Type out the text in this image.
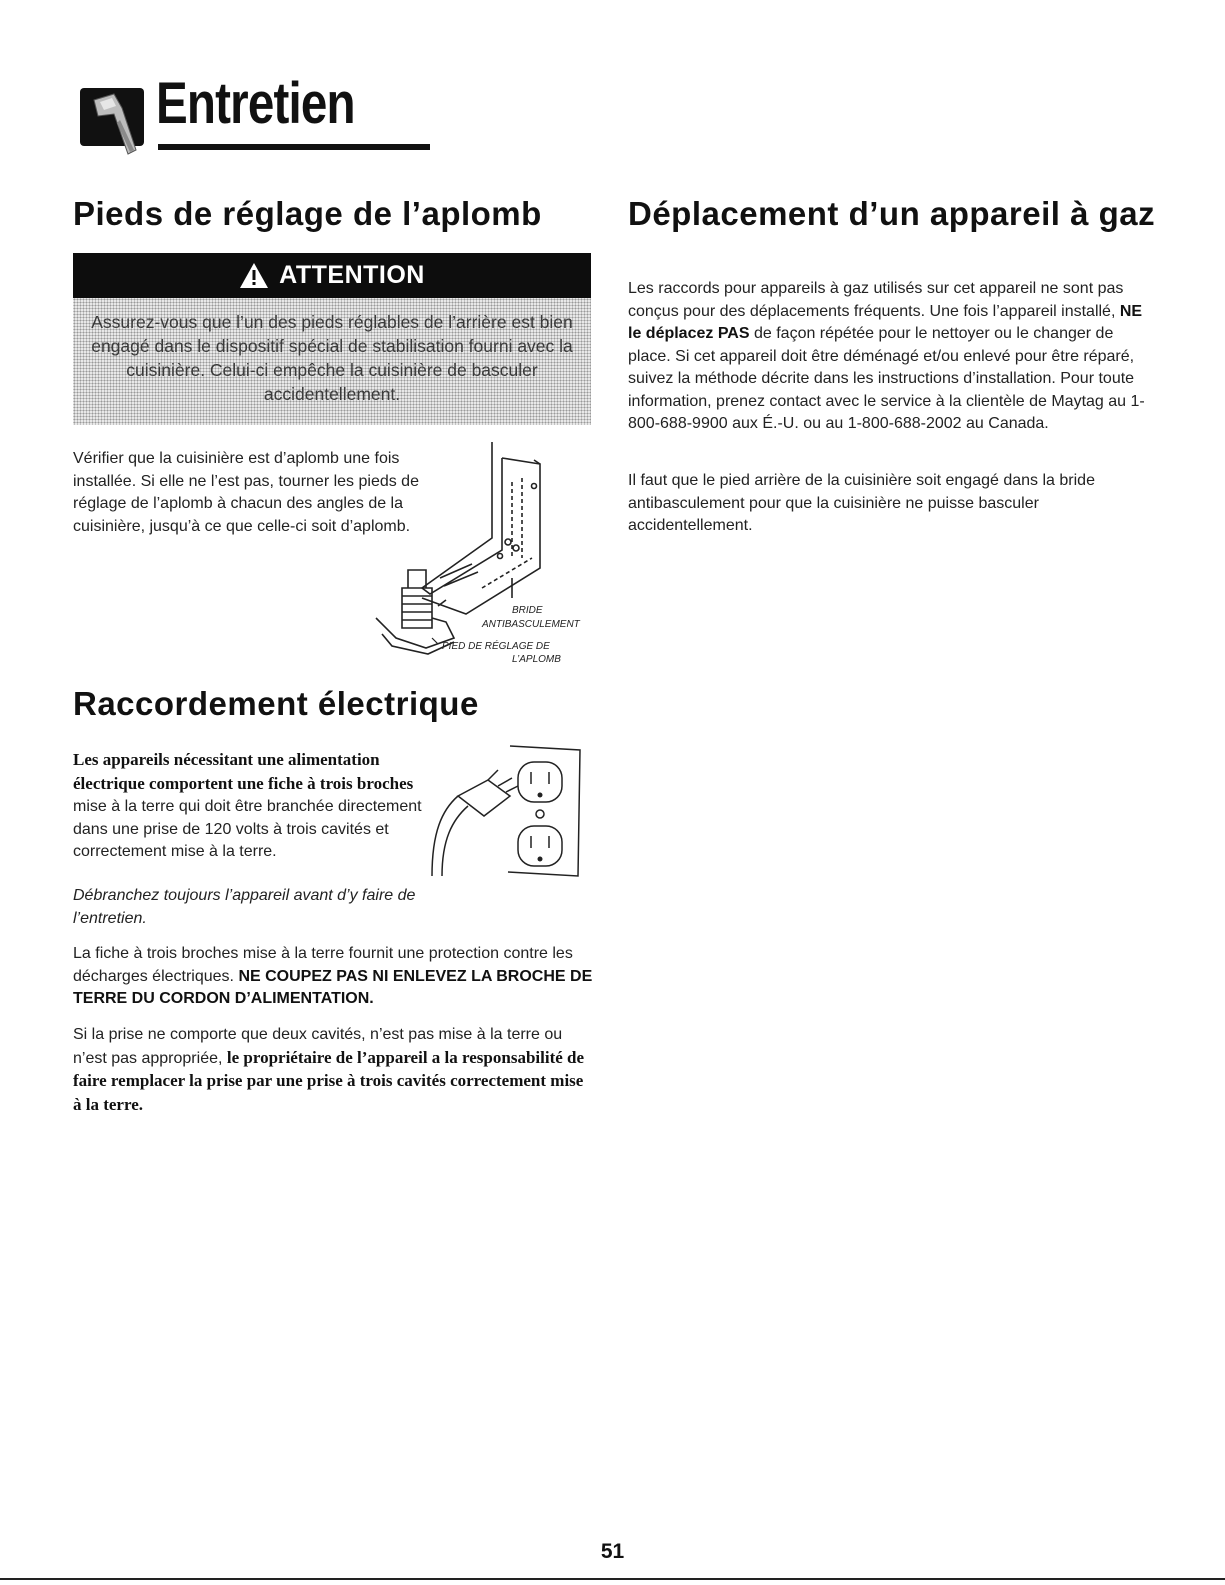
Entretien
Pieds de réglage de l’aplomb
ATTENTION
Assurez-vous que l’un des pieds réglables de l’arrière est bien engagé dans le dispositif spécial de stabilisation fourni avec la cuisinière. Celui-ci empêche la cuisinière de basculer accidentellement.

Vérifier que la cuisinière est d’aplomb une fois installée. Si elle ne l’est pas, tourner les pieds de réglage de l’aplomb à chacun des angles de la cuisinière, jusqu’à ce que celle-ci soit d’aplomb.

BRIDE
ANTIBASCULEMENT
PIED DE RÉGLAGE DE
L’APLOMB
Raccordement électrique

Les appareils nécessitant une alimentation électrique comportent une fiche à trois broches mise à la terre qui doit être branchée directement dans une prise de 120 volts à trois cavités et correctement mise à la terre.

Débranchez toujours l’appareil avant d’y faire de l’entretien.

La fiche à trois broches mise à la terre fournit une protection contre les décharges électriques. NE COUPEZ PAS NI ENLEVEZ LA BROCHE DE TERRE DU CORDON D’ALIMENTATION.

Si la prise ne comporte que deux cavités, n’est pas mise à la terre ou n’est pas appropriée, le propriétaire de l’appareil a la responsabilité de faire remplacer la prise par une prise à trois cavités correctement mise à la terre.

Déplacement d’un appareil à gaz

Les raccords pour appareils à gaz utilisés sur cet appareil ne sont pas conçus pour des déplacements fréquents. Une fois l’appareil installé, NE le déplacez PAS de façon répétée pour le nettoyer ou le changer de place. Si cet appareil doit être déménagé et/ou enlevé pour être réparé, suivez la méthode décrite dans les instructions d’installation. Pour toute information, prenez contact avec le service à la clientèle de Maytag au 1-800-688-9900 aux É.-U. ou au 1-800-688-2002 au Canada.

Il faut que le pied arrière de la cuisinière soit engagé dans la bride antibasculement pour que la cuisinière ne puisse basculer accidentellement.

51
